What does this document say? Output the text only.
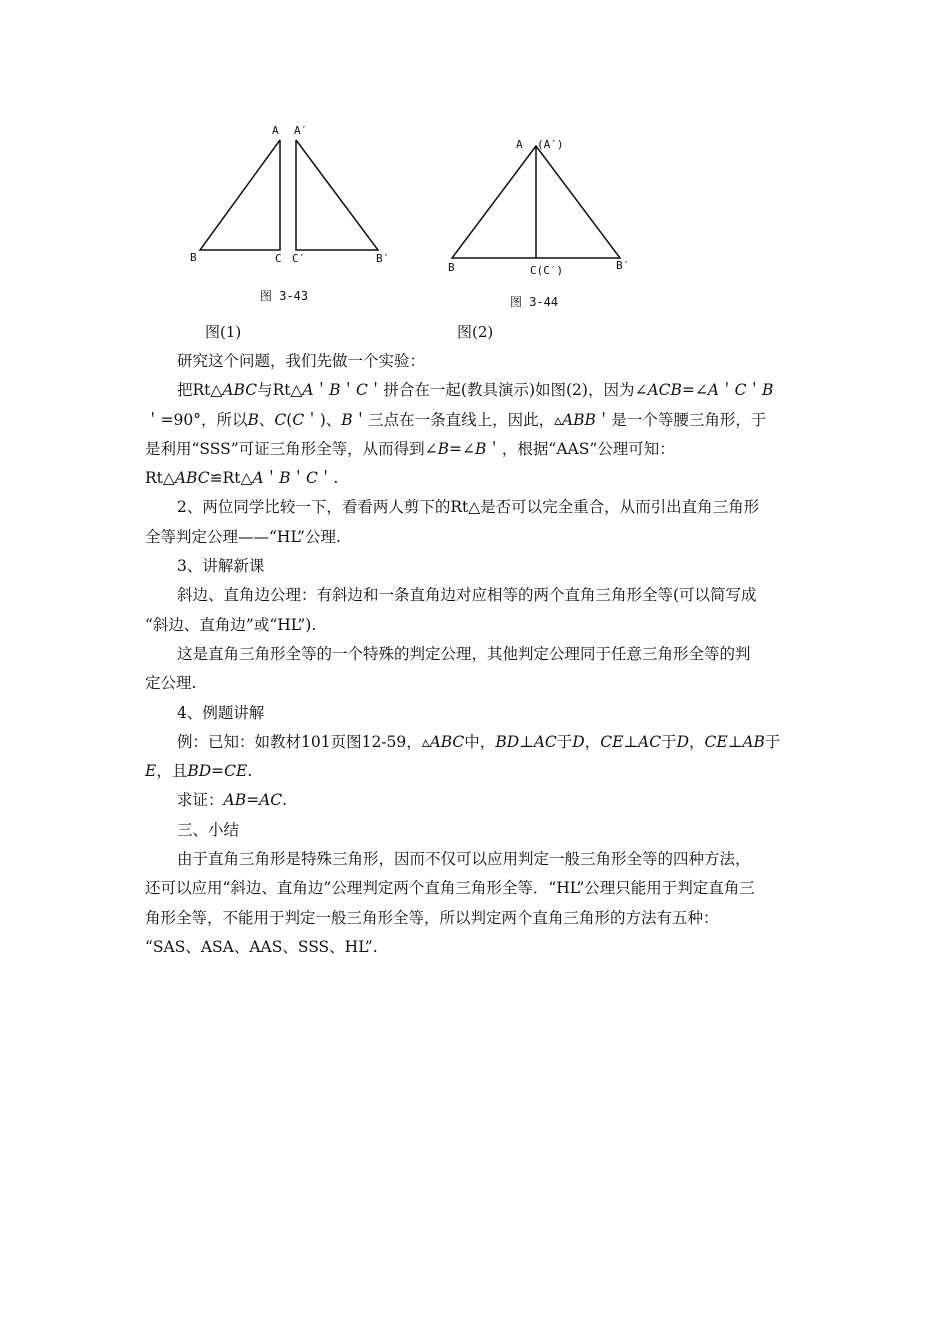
A A′
B	C C′	B′
图 3-43
图(1)
A (A′)
B	C(C′)	B′
图 3-44
图(2)
研究这个问题，我们先做一个实验：
把Rt△ABC与Rt△A＇B＇C＇拼合在一起(教具演示)如图(2)，因为∠ACB=∠A＇C＇B
＇=90°，所以B、C(C＇)、B＇三点在一条直线上，因此，▵ABB＇是一个等腰三角形，于
是利用“SSS”可证三角形全等，从而得到∠B=∠B＇，根据“AAS”公理可知：
Rt△ABC≌Rt△A＇B＇C＇.
2、两位同学比较一下，看看两人剪下的Rt△是否可以完全重合，从而引出直角三角形
全等判定公理——“HL”公理.
3、讲解新课
斜边、直角边公理：有斜边和一条直角边对应相等的两个直角三角形全等(可以简写成
“斜边、直角边”或“HL”).
这是直角三角形全等的一个特殊的判定公理，其他判定公理同于任意三角形全等的判
定公理.
4、例题讲解
例：已知：如教材101页图12-59，▵ABC中，BD⊥AC于D，CE⊥AC于D，CE⊥AB于
E，且BD=CE.
求证：AB=AC.
三、小结
由于直角三角形是特殊三角形，因而不仅可以应用判定一般三角形全等的四种方法，
还可以应用“斜边、直角边”公理判定两个直角三角形全等．“HL”公理只能用于判定直角三
角形全等，不能用于判定一般三角形全等，所以判定两个直角三角形的方法有五种：
“SAS、ASA、AAS、SSS、HL”.
